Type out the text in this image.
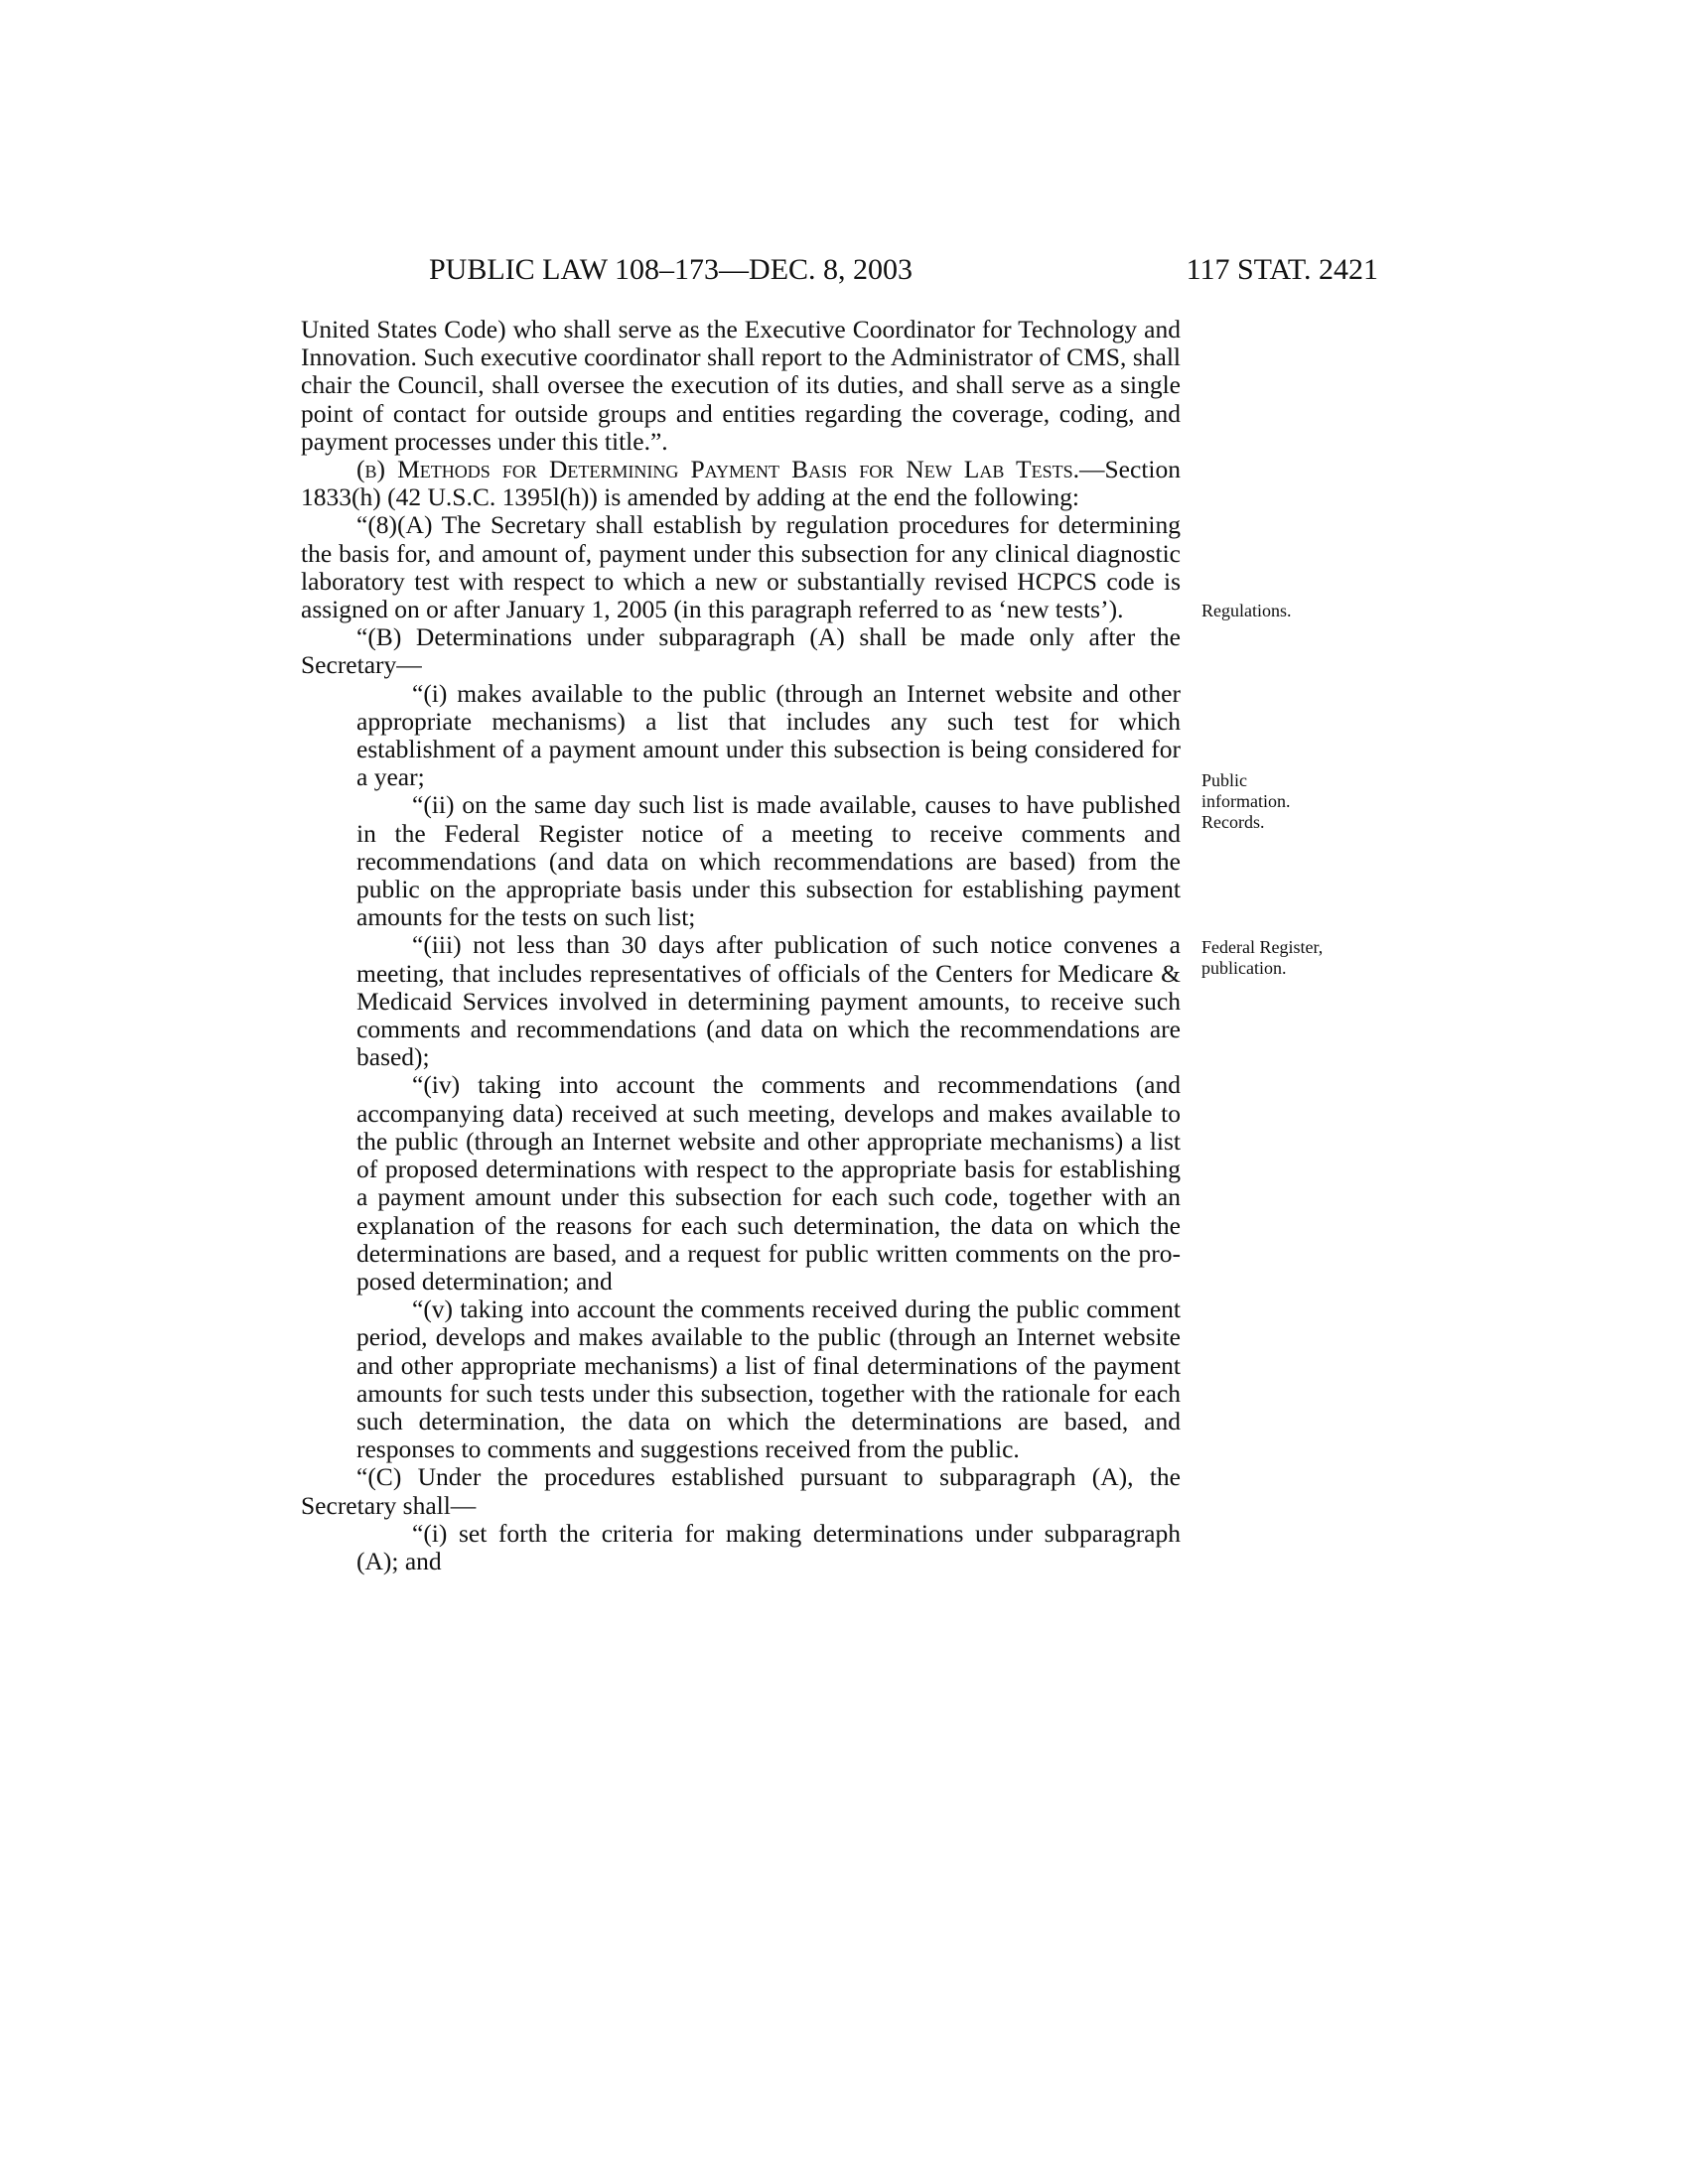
PUBLIC LAW 108–173—DEC. 8, 2003	117 STAT. 2421

United States Code) who shall serve as the Executive Coordinator for Technology and Innovation. Such executive coordinator shall report to the Administrator of CMS, shall chair the Council, shall oversee the execution of its duties, and shall serve as a single point of contact for outside groups and entities regarding the coverage, coding, and payment processes under this title.”.

(b) Methods for Determining Payment Basis for New Lab Tests.—Section 1833(h) (42 U.S.C. 1395l(h)) is amended by adding at the end the following:

“(8)(A) The Secretary shall establish by regulation procedures for determining the basis for, and amount of, payment under this subsection for any clinical diagnostic laboratory test with respect to which a new or substantially revised HCPCS code is assigned on or after January 1, 2005 (in this paragraph referred to as ‘new tests’).

“(B) Determinations under subparagraph (A) shall be made only after the Secretary—

“(i) makes available to the public (through an Internet website and other appropriate mechanisms) a list that includes any such test for which establishment of a payment amount under this subsection is being considered for a year;

“(ii) on the same day such list is made available, causes to have published in the Federal Register notice of a meeting to receive comments and recommendations (and data on which recommendations are based) from the public on the appropriate basis under this subsection for establishing payment amounts for the tests on such list;

“(iii) not less than 30 days after publication of such notice convenes a meeting, that includes representatives of officials of the Centers for Medicare & Medicaid Services involved in determining payment amounts, to receive such comments and recommendations (and data on which the recommendations are based);

“(iv) taking into account the comments and recommendations (and accompanying data) received at such meeting, develops and makes available to the public (through an Internet website and other appropriate mechanisms) a list of proposed determinations with respect to the appropriate basis for establishing a payment amount under this subsection for each such code, together with an explanation of the reasons for each such determination, the data on which the determinations are based, and a request for public written comments on the proposed determination; and

“(v) taking into account the comments received during the public comment period, develops and makes available to the public (through an Internet website and other appropriate mechanisms) a list of final determinations of the payment amounts for such tests under this subsection, together with the rationale for each such determination, the data on which the determinations are based, and responses to comments and suggestions received from the public.

“(C) Under the procedures established pursuant to subparagraph (A), the Secretary shall—

“(i) set forth the criteria for making determinations under subparagraph (A); and

Regulations.
Public
information.
Records.
Federal Register,
publication.
